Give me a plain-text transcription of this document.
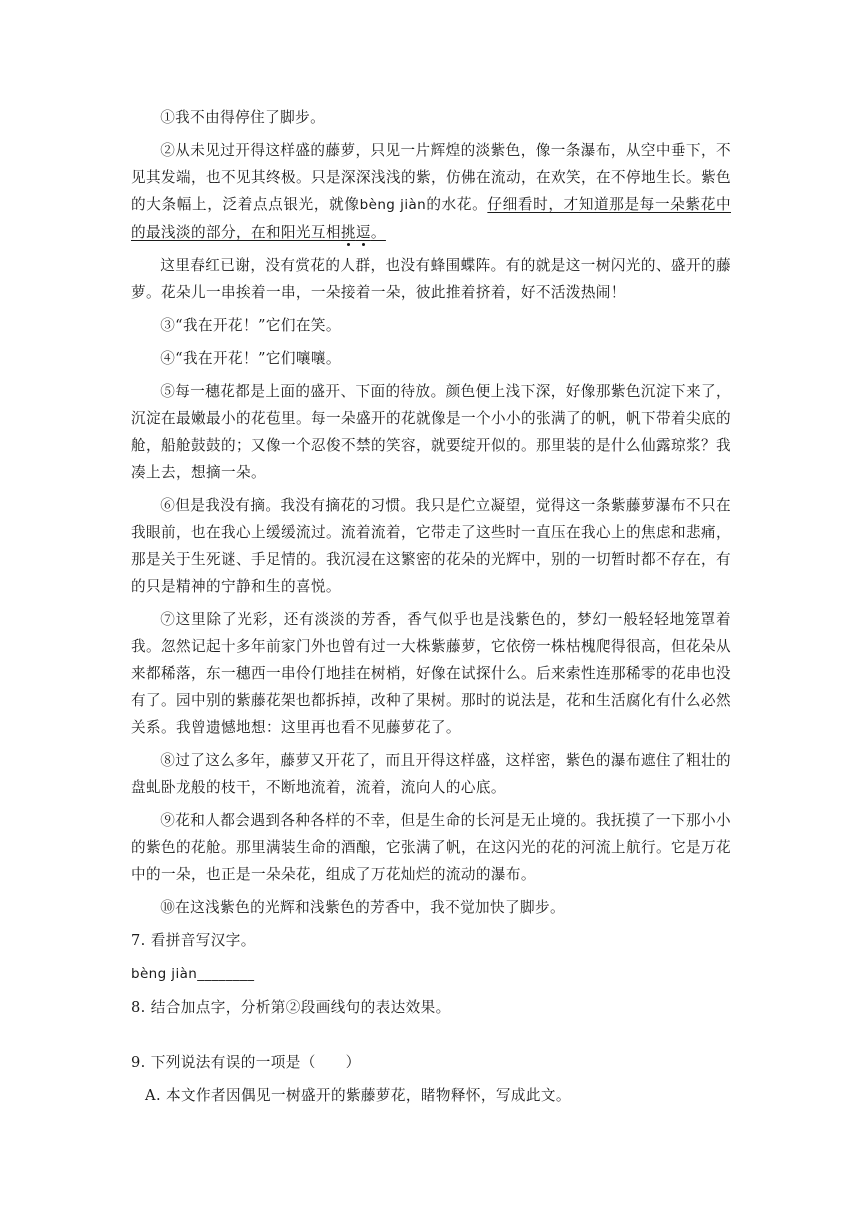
①我不由得停住了脚步。

②从未见过开得这样盛的藤萝，只见一片辉煌的淡紫色，像一条瀑布，从空中垂下，不见其发端，也不见其终极。只是深深浅浅的紫，仿佛在流动，在欢笑，在不停地生长。紫色的大条幅上，泛着点点银光，就像bèng jiàn的水花。仔细看时，才知道那是每一朵紫花中的最浅淡的部分，在和阳光互相挑逗。

这里春红已谢，没有赏花的人群，也没有蜂围蝶阵。有的就是这一树闪光的、盛开的藤萝。花朵儿一串挨着一串，一朵接着一朵，彼此推着挤着，好不活泼热闹！

③“我在开花！”它们在笑。

④“我在开花！”它们嚷嚷。

⑤每一穗花都是上面的盛开、下面的待放。颜色便上浅下深，好像那紫色沉淀下来了，沉淀在最嫩最小的花苞里。每一朵盛开的花就像是一个小小的张满了的帆，帆下带着尖底的舱，船舱鼓鼓的；又像一个忍俊不禁的笑容，就要绽开似的。那里装的是什么仙露琼浆？我凑上去，想摘一朵。

⑥但是我没有摘。我没有摘花的习惯。我只是伫立凝望，觉得这一条紫藤萝瀑布不只在我眼前，也在我心上缓缓流过。流着流着，它带走了这些时一直压在我心上的焦虑和悲痛，那是关于生死谜、手足情的。我沉浸在这繁密的花朵的光辉中，别的一切暂时都不存在，有的只是精神的宁静和生的喜悦。

⑦这里除了光彩，还有淡淡的芳香，香气似乎也是浅紫色的，梦幻一般轻轻地笼罩着我。忽然记起十多年前家门外也曾有过一大株紫藤萝，它依傍一株枯槐爬得很高，但花朵从来都稀落，东一穗西一串伶仃地挂在树梢，好像在试探什么。后来索性连那稀零的花串也没有了。园中别的紫藤花架也都拆掉，改种了果树。那时的说法是，花和生活腐化有什么必然关系。我曾遗憾地想：这里再也看不见藤萝花了。

⑧过了这么多年，藤萝又开花了，而且开得这样盛，这样密，紫色的瀑布遮住了粗壮的盘虬卧龙般的枝干，不断地流着，流着，流向人的心底。

⑨花和人都会遇到各种各样的不幸，但是生命的长河是无止境的。我抚摸了一下那小小的紫色的花舱。那里满装生命的酒酿，它张满了帆，在这闪光的花的河流上航行。它是万花中的一朵，也正是一朵朵花，组成了万花灿烂的流动的瀑布。

⑩在这浅紫色的光辉和浅紫色的芳香中，我不觉加快了脚步。

7. 看拼音写汉字。

bèng jiàn________

8. 结合加点字，分析第②段画线句的表达效果。

9. 下列说法有误的一项是（　　）

A. 本文作者因偶见一树盛开的紫藤萝花，睹物释怀，写成此文。
